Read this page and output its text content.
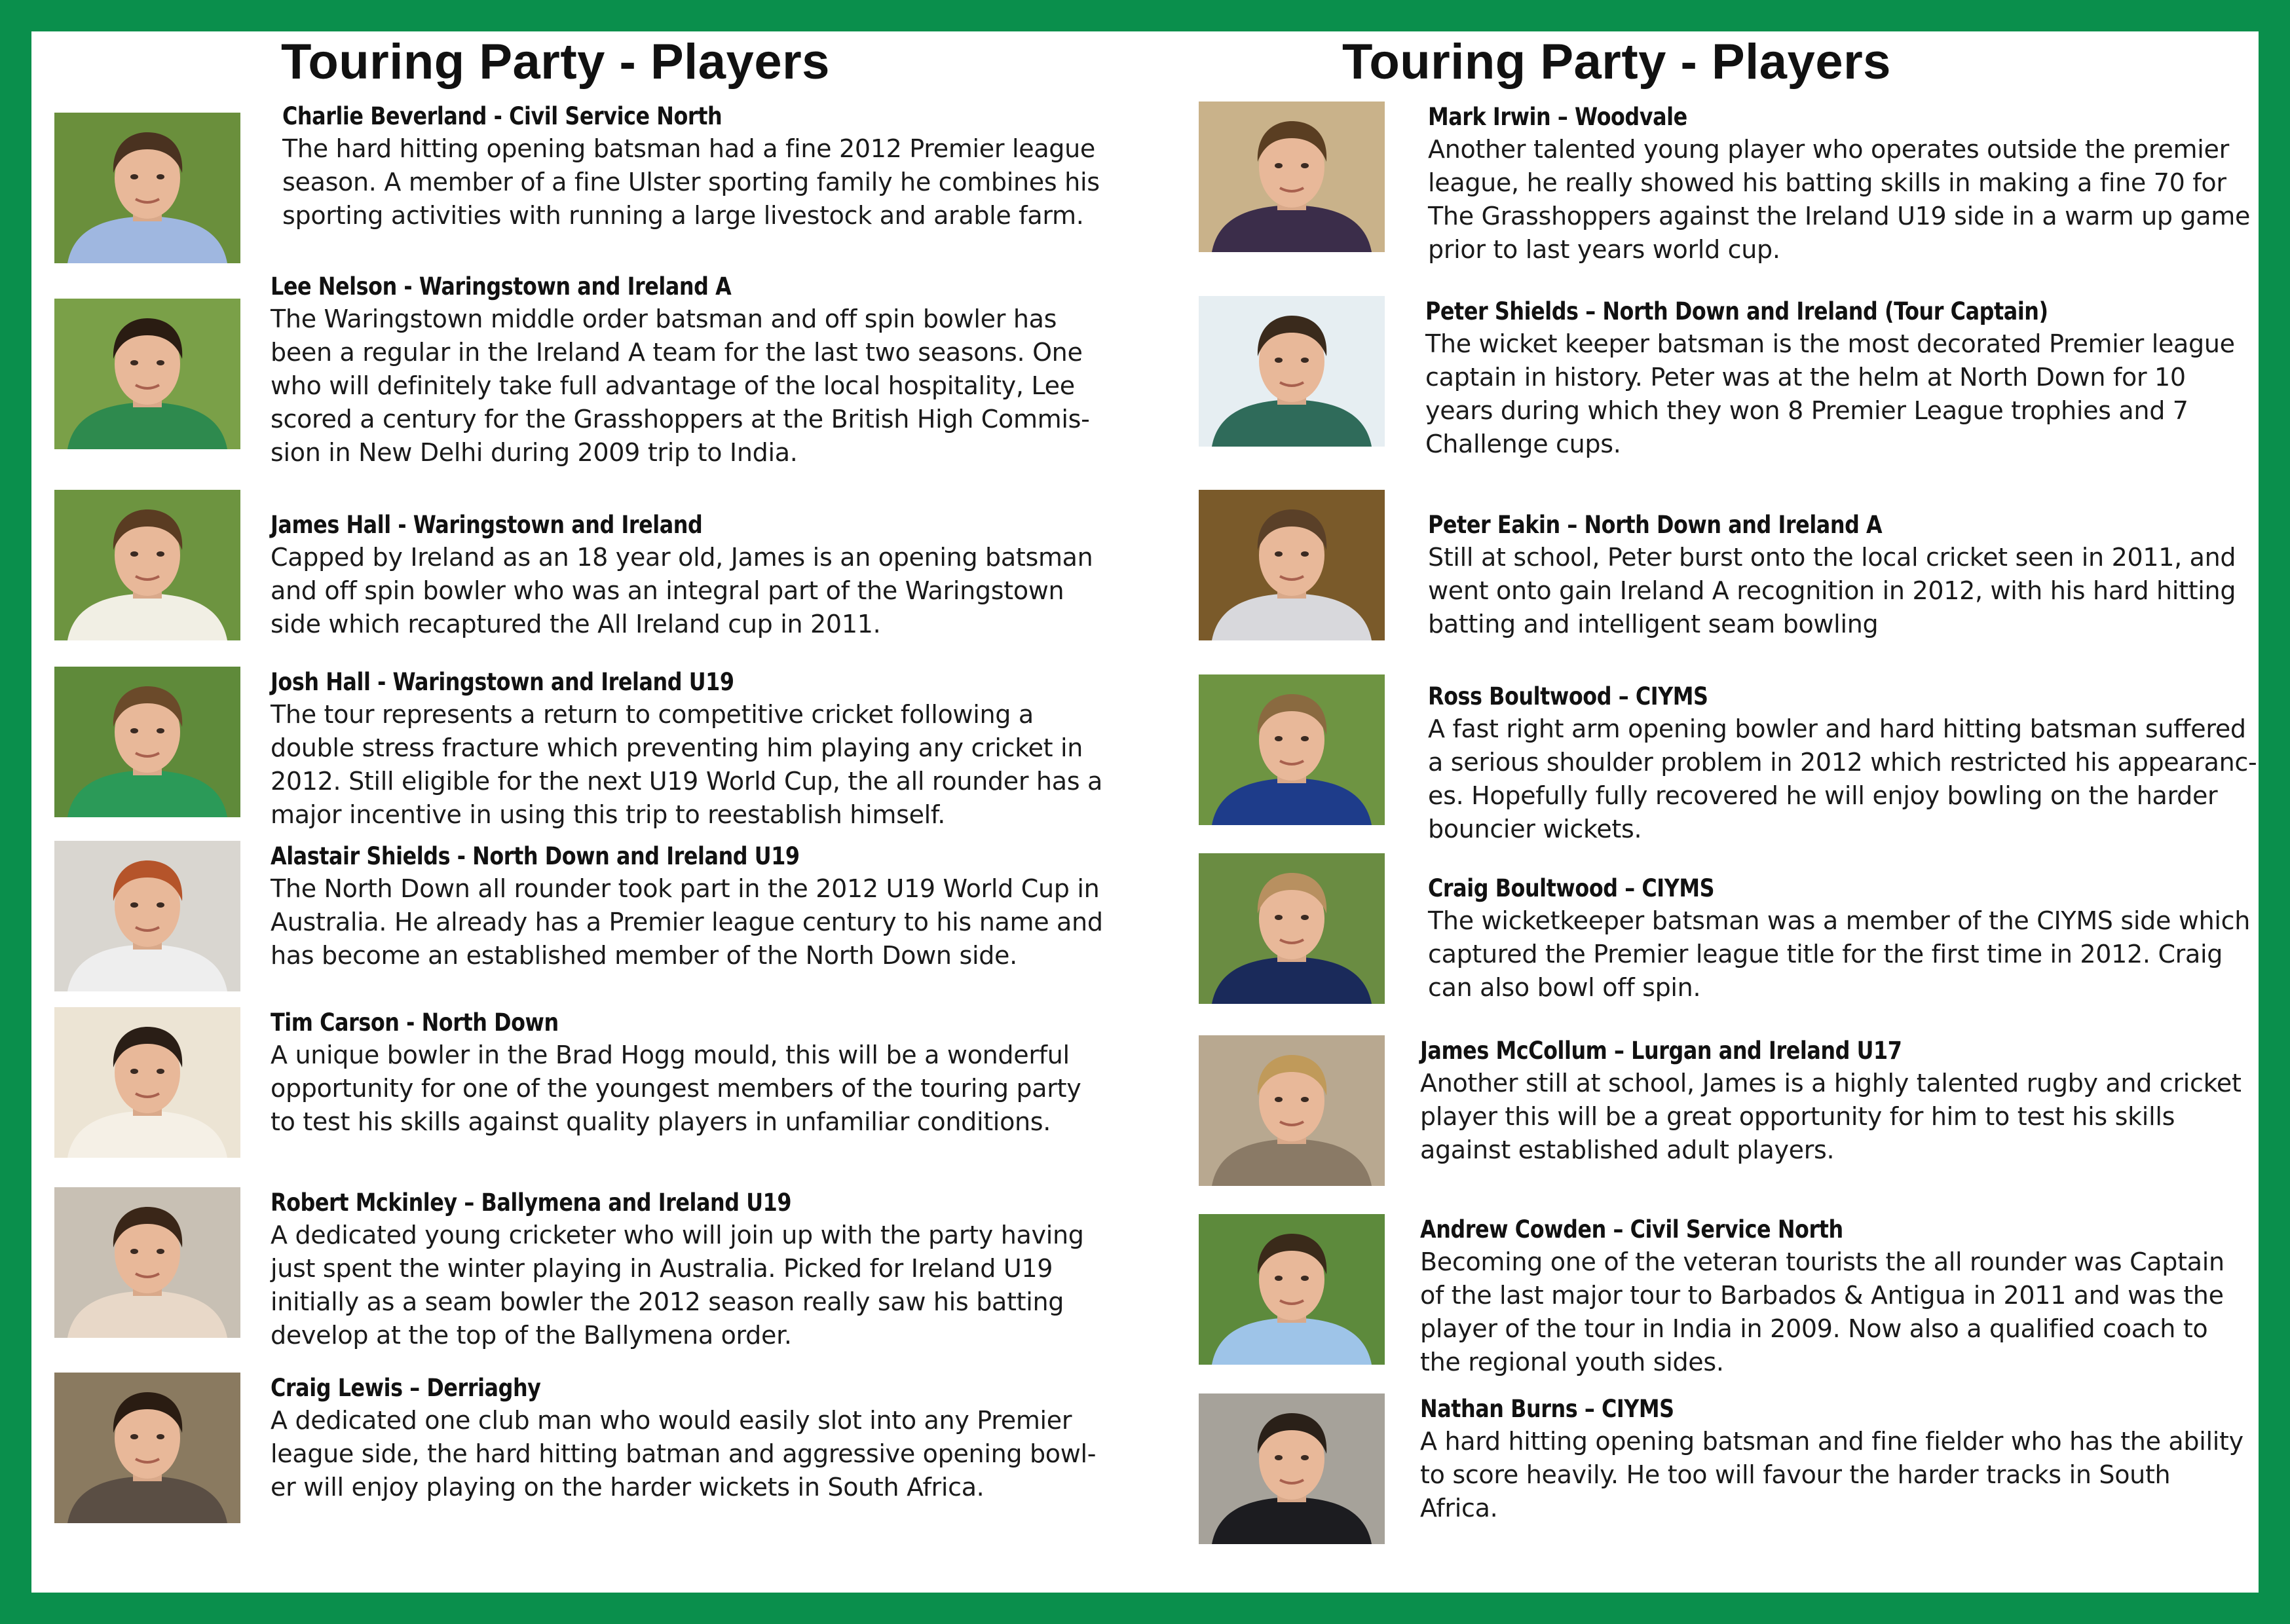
Touring Party - Players	Touring Party - Players
Charlie Beverland - Civil Service North
The hard hitting opening batsman had a fine 2012 Premier league season. A member of a fine Ulster sporting family he combines his sporting activities with running a large livestock and arable farm.
Lee Nelson - Waringstown and Ireland A
The Waringstown middle order batsman and off spin bowler has been a regular in the Ireland A team for the last two seasons. One who will definitely take full advantage of the local hospitality, Lee scored a century for the Grasshoppers at the British High Commis- sion in New Delhi during 2009 trip to India.
James Hall - Waringstown and Ireland
Capped by Ireland as an 18 year old, James is an opening batsman and off spin bowler who was an integral part of the Waringstown side which recaptured the All Ireland cup in 2011.
Josh Hall - Waringstown and Ireland U19
The tour represents a return to competitive cricket following a double stress fracture which preventing him playing any cricket in 2012. Still eligible for the next U19 World Cup, the all rounder has a major incentive in using this trip to reestablish himself.
Alastair Shields - North Down and Ireland U19
The North Down all rounder took part in the 2012 U19 World Cup in Australia. He already has a Premier league century to his name and has become an established member of the North Down side.
Tim Carson - North Down
A unique bowler in the Brad Hogg mould, this will be a wonderful opportunity for one of the youngest members of the touring party to test his skills against quality players in unfamiliar conditions.
Robert Mckinley – Ballymena and Ireland U19
A dedicated young cricketer who will join up with the party having just spent the winter playing in Australia. Picked for Ireland U19 initially as a seam bowler the 2012 season really saw his batting develop at the top of the Ballymena order.
Craig Lewis – Derriaghy
A dedicated one club man who would easily slot into any Premier league side, the hard hitting batman and aggressive opening bowl- er will enjoy playing on the harder wickets in South Africa.
Mark Irwin – Woodvale
Another talented young player who operates outside the premier league, he really showed his batting skills in making a fine 70 for The Grasshoppers against the Ireland U19 side in a warm up game prior to last years world cup.
Peter Shields – North Down and Ireland (Tour Captain)
The wicket keeper batsman is the most decorated Premier league captain in history. Peter was at the helm at North Down for 10 years during which they won 8 Premier League trophies and 7 Challenge cups.
Peter Eakin – North Down and Ireland A
Still at school, Peter burst onto the local cricket seen in 2011, and went onto gain Ireland A recognition in 2012, with his hard hitting batting and intelligent seam bowling
Ross Boultwood – CIYMS
A fast right arm opening bowler and hard hitting batsman suffered a serious shoulder problem in 2012 which restricted his appearanc- es. Hopefully fully recovered he will enjoy bowling on the harder bouncier wickets.
Craig Boultwood – CIYMS
The wicketkeeper batsman was a member of the CIYMS side which captured the Premier league title for the first time in 2012. Craig can also bowl off spin.
James McCollum – Lurgan and Ireland U17
Another still at school, James is a highly talented rugby and cricket player this will be a great opportunity for him to test his skills against established adult players.
Andrew Cowden – Civil Service North
Becoming one of the veteran tourists the all rounder was Captain of the last major tour to Barbados & Antigua in 2011 and was the player of the tour in India in 2009. Now also a qualified coach to the regional youth sides.
Nathan Burns – CIYMS
A hard hitting opening batsman and fine fielder who has the ability to score heavily. He too will favour the harder tracks in South Africa.
